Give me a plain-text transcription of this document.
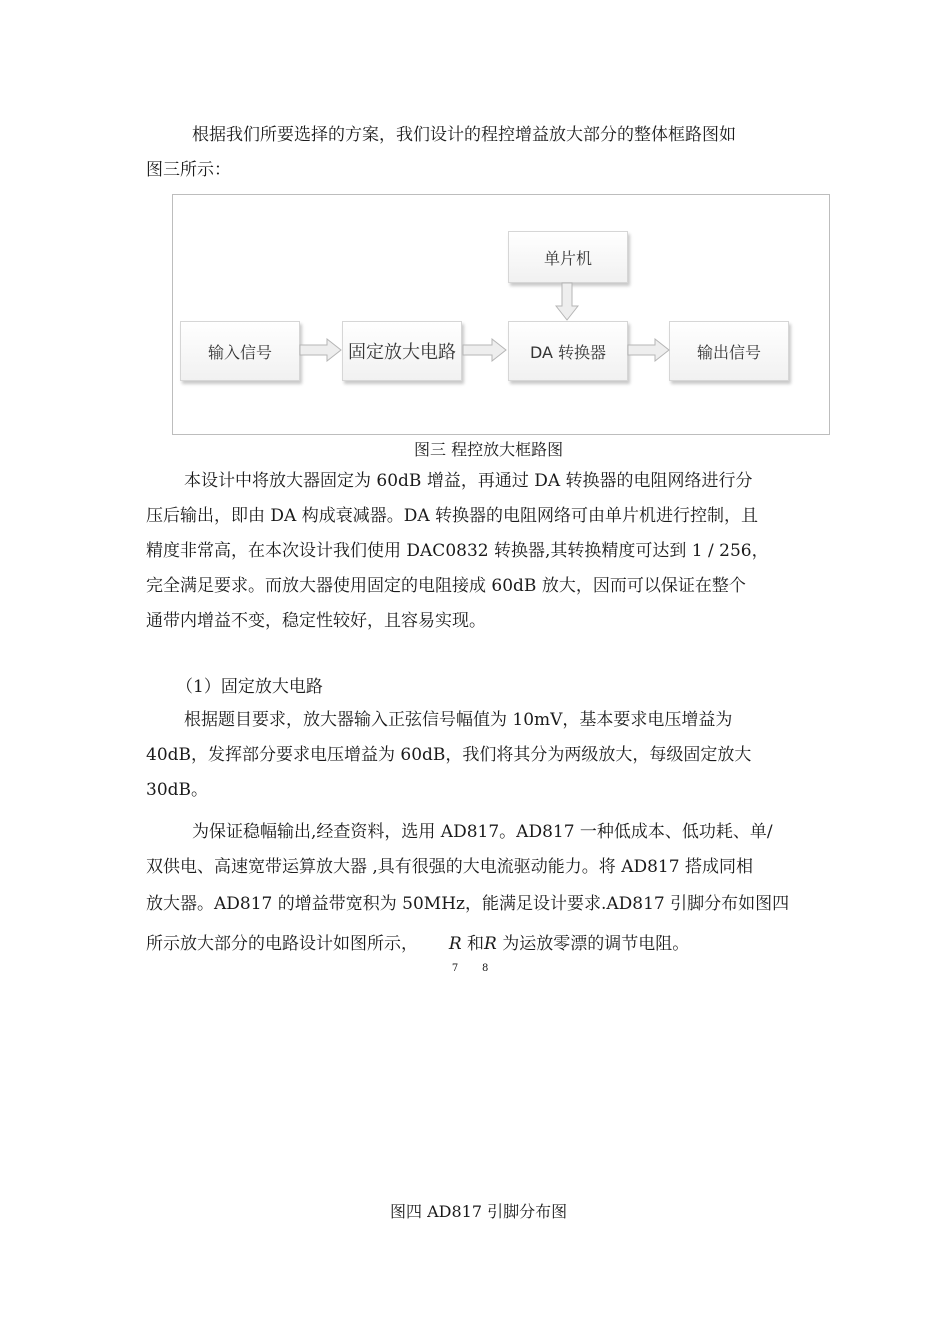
根据我们所要选择的方案，我们设计的程控增益放大部分的整体框路图如

图三所示：

单片机
输入信号	固定放大电路	DA 转换器	输出信号
图三 程控放大框路图

本设计中将放大器固定为 60dB 增益，再通过 DA 转换器的电阻网络进行分

压后输出，即由 DA 构成衰减器。DA 转换器的电阻网络可由单片机进行控制，且

精度非常高，在本次设计我们使用 DAC0832 转换器,其转换精度可达到 1 / 256，

完全满足要求。而放大器使用固定的电阻接成 60dB 放大，因而可以保证在整个

通带内增益不变，稳定性较好，且容易实现。

（1）固定放大电路

根据题目要求，放大器输入正弦信号幅值为 10mV，基本要求电压增益为

40dB，发挥部分要求电压增益为 60dB，我们将其分为两级放大，每级固定放大

30dB。

为保证稳幅输出,经查资料，选用 AD817。AD817 一种低成本、低功耗、单/

双供电、高速宽带运算放大器 ,具有很强的大电流驱动能力。将 AD817 搭成同相

放大器。AD817 的增益带宽积为 50MHz，能满足设计要求.AD817 引脚分布如图四

所示放大部分的电路设计如图所示， R
7
和R
8
为运放零漂的调节电阻。
图四 AD817 引脚分布图
